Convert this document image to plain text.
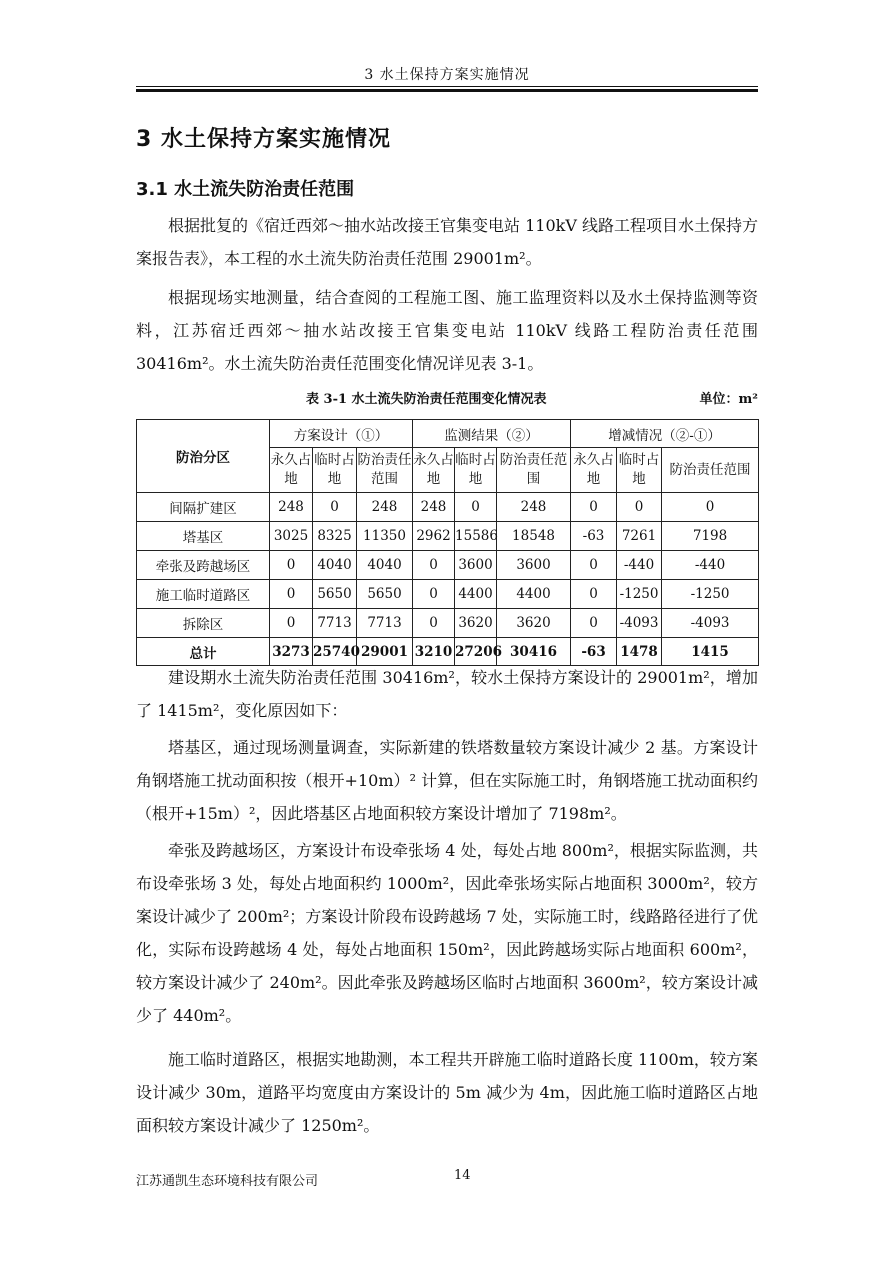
3 水土保持方案实施情况
3 水土保持方案实施情况
3.1 水土流失防治责任范围
根据批复的《宿迁西郊～抽水站改接王官集变电站 110kV 线路工程项目水土保持方案报告表》，本工程的水土流失防治责任范围 29001m²。
根据现场实地测量，结合查阅的工程施工图、施工监理资料以及水土保持监测等资料，江苏宿迁西郊～抽水站改接王官集变电站 110kV 线路工程防治责任范围 30416m²。水土流失防治责任范围变化情况详见表 3-1。
表 3-1 水土流失防治责任范围变化情况表	单位：m²
防治分区	方案设计（①）			监测结果（②）			增减情况（②-①）		
	永久占地	临时占地	防治责任范围	永久占地	临时占地	防治责任范围	永久占地	临时占地	防治责任范围
间隔扩建区	248	0	248	248	0	248	0	0	0
塔基区	3025	8325	11350	2962	15586	18548	-63	7261	7198
牵张及跨越场区	0	4040	4040	0	3600	3600	0	-440	-440
施工临时道路区	0	5650	5650	0	4400	4400	0	-1250	-1250
拆除区	0	7713	7713	0	3620	3620	0	-4093	-4093
总计	3273	25740	29001	3210	27206	30416	-63	1478	1415
建设期水土流失防治责任范围 30416m²，较水土保持方案设计的 29001m²，增加了 1415m²，变化原因如下：
塔基区，通过现场测量调查，实际新建的铁塔数量较方案设计减少 2 基。方案设计角钢塔施工扰动面积按（根开+10m）² 计算，但在实际施工时，角钢塔施工扰动面积约（根开+15m）²，因此塔基区占地面积较方案设计增加了 7198m²。
牵张及跨越场区，方案设计布设牵张场 4 处，每处占地 800m²，根据实际监测，共布设牵张场 3 处，每处占地面积约 1000m²，因此牵张场实际占地面积 3000m²，较方案设计减少了 200m²；方案设计阶段布设跨越场 7 处，实际施工时，线路路径进行了优化，实际布设跨越场 4 处，每处占地面积 150m²，因此跨越场实际占地面积 600m²，较方案设计减少了 240m²。因此牵张及跨越场区临时占地面积 3600m²，较方案设计减少了 440m²。
施工临时道路区，根据实地勘测，本工程共开辟施工临时道路长度 1100m，较方案设计减少 30m，道路平均宽度由方案设计的 5m 减少为 4m，因此施工临时道路区占地面积较方案设计减少了 1250m²。
江苏通凯生态环境科技有限公司	14
